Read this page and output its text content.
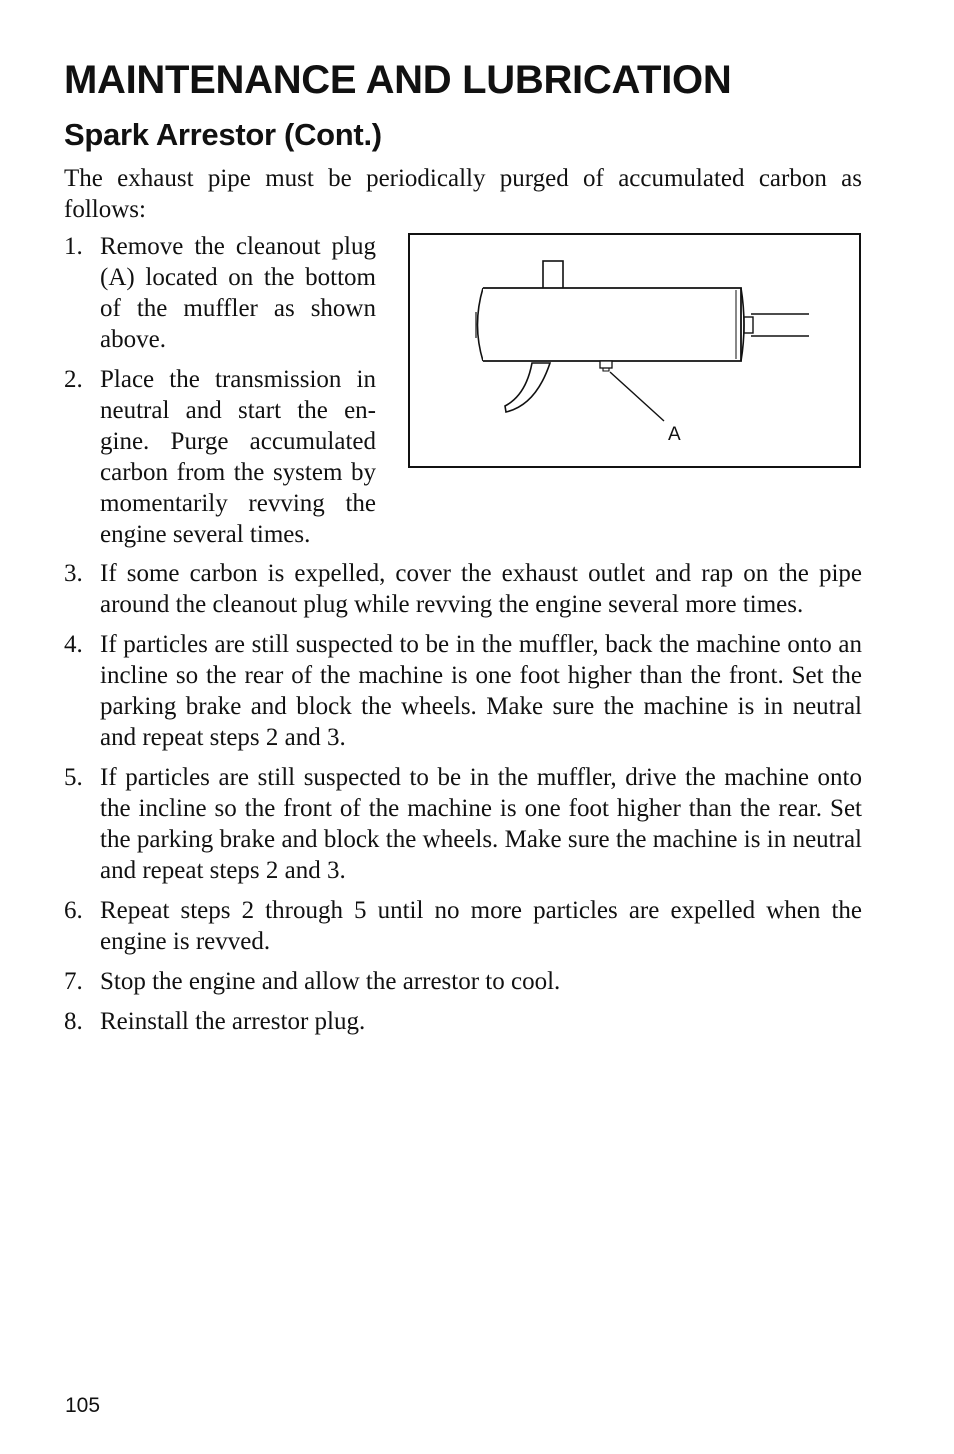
MAINTENANCE AND LUBRICATION
Spark Arrestor (Cont.)

The exhaust pipe must be periodically purged of accumulated carbon as follows:

1. Remove the cleanout plug (A) located on the bottom of the muffler as shown above.
2. Place the transmission in neutral and start the engine. Purge accumulated carbon from the system by momentarily revving the engine several times.
A
3. If some carbon is expelled, cover the exhaust outlet and rap on the pipe around the cleanout plug while revving the engine several more times.
4. If particles are still suspected to be in the muffler, back the machine onto an incline so the rear of the machine is one foot higher than the front. Set the parking brake and block the wheels. Make sure the machine is in neutral and repeat steps 2 and 3.
5. If particles are still suspected to be in the muffler, drive the machine onto the incline so the front of the machine is one foot higher than the rear. Set the parking brake and block the wheels. Make sure the machine is in neutral and repeat steps 2 and 3.
6. Repeat steps 2 through 5 until no more particles are expelled when the engine is revved.
7. Stop the engine and allow the arrestor to cool.
8. Reinstall the arrestor plug.
105
